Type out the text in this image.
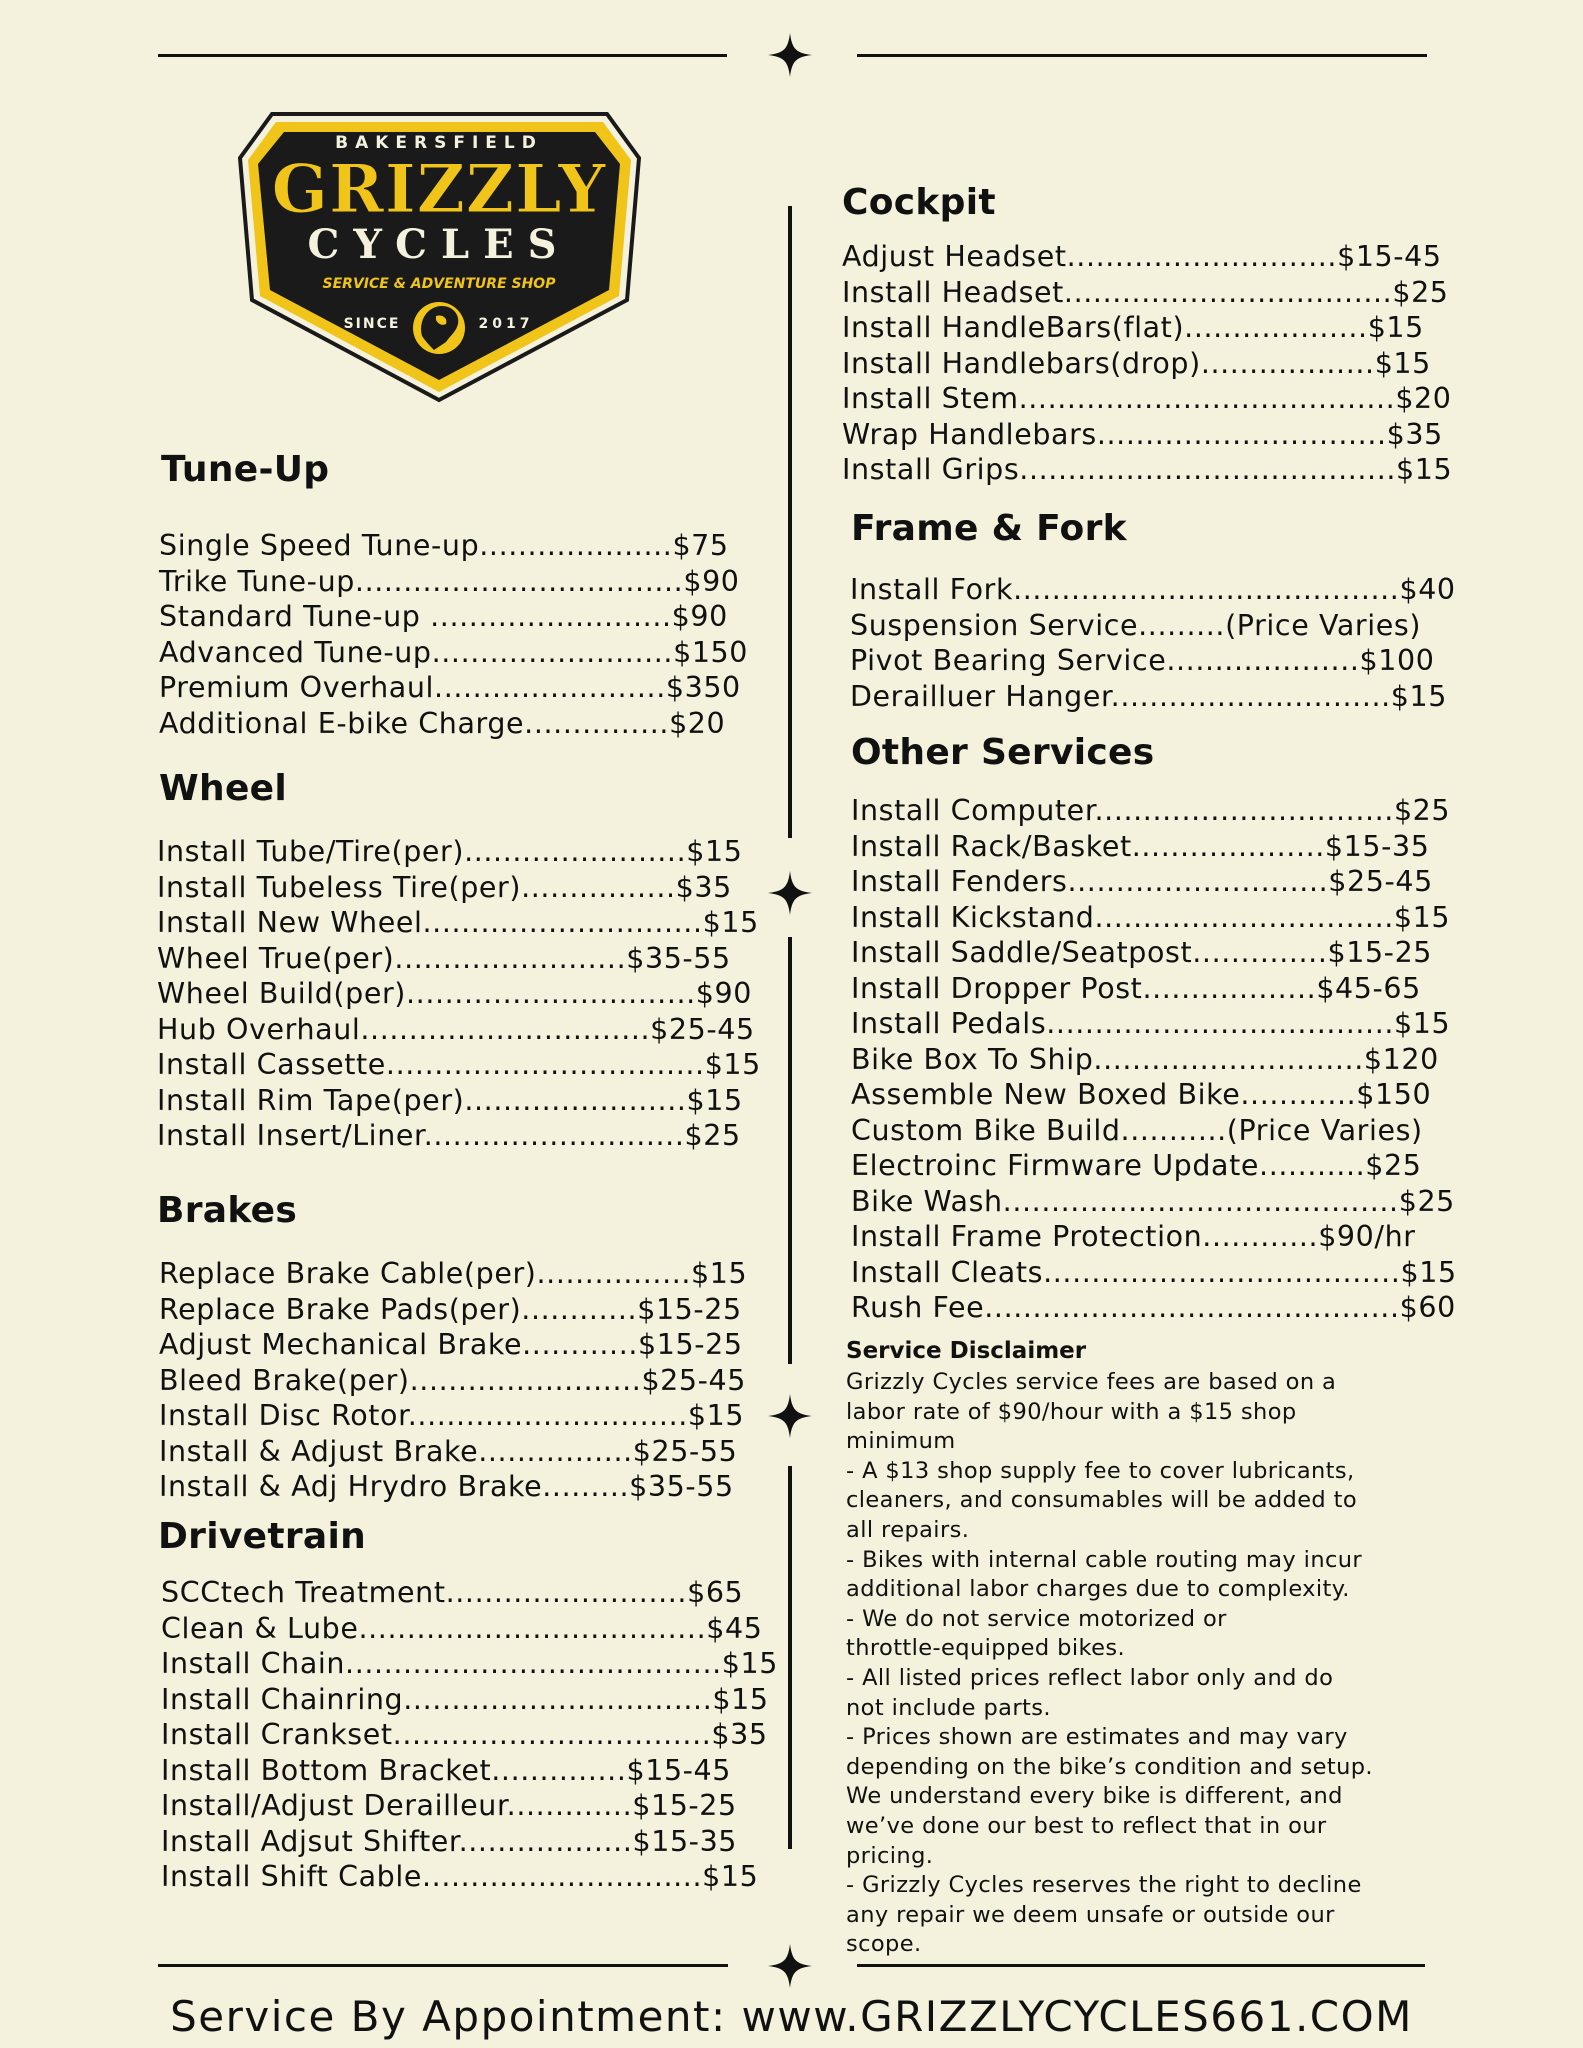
BAKERSFIELD
GRIZZLY
CYCLES
SERVICE & ADVENTURE SHOP
SINCE	2017
Tune-Up
Single Speed Tune-up....................$75
Trike Tune-up..................................$90
Standard Tune-up .........................$90
Advanced Tune-up.........................$150
Premium Overhaul........................$350
Additional E-bike Charge...............$20
Wheel
Install Tube/Tire(per).......................$15
Install Tubeless Tire(per)................$35
Install New Wheel.............................$15
Wheel True(per)........................$35-55
Wheel Build(per)..............................$90
Hub Overhaul..............................$25-45
Install Cassette.................................$15
Install Rim Tape(per).......................$15
Install Insert/Liner...........................$25
Brakes
Replace Brake Cable(per)................$15
Replace Brake Pads(per)............$15-25
Adjust Mechanical Brake............$15-25
Bleed Brake(per)........................$25-45
Install Disc Rotor.............................$15
Install & Adjust Brake................$25-55
Install & Adj Hrydro Brake.........$35-55
Drivetrain
SCCtech Treatment.........................$65
Clean & Lube....................................$45
Install Chain.......................................$15
Install Chainring................................$15
Install Crankset.................................$35
Install Bottom Bracket..............$15-45
Install/Adjust Derailleur.............$15-25
Install Adjsut Shifter..................$15-35
Install Shift Cable.............................$15
Cockpit
Adjust Headset............................$15-45
Install Headset..................................$25
Install HandleBars(flat)...................$15
Install Handlebars(drop)..................$15
Install Stem.......................................$20
Wrap Handlebars..............................$35
Install Grips.......................................$15
Frame & Fork
Install Fork........................................$40
Suspension Service.........(Price Varies)
Pivot Bearing Service....................$100
Derailluer Hanger.............................$15
Other Services
Install Computer...............................$25
Install Rack/Basket....................$15-35
Install Fenders...........................$25-45
Install Kickstand...............................$15
Install Saddle/Seatpost..............$15-25
Install Dropper Post..................$45-65
Install Pedals....................................$15
Bike Box To Ship............................$120
Assemble New Boxed Bike............$150
Custom Bike Build...........(Price Varies)
Electroinc Firmware Update...........$25
Bike Wash.........................................$25
Install Frame Protection............$90/hr
Install Cleats.....................................$15
Rush Fee...........................................$60
Service Disclaimer
Grizzly Cycles service fees are based on a
labor rate of $90/hour with a $15 shop
minimum
- A $13 shop supply fee to cover lubricants,
cleaners, and consumables will be added to
all repairs.
- Bikes with internal cable routing may incur
additional labor charges due to complexity.
- We do not service motorized or
throttle-equipped bikes.
- All listed prices reflect labor only and do
not include parts.
- Prices shown are estimates and may vary
depending on the bike’s condition and setup.
We understand every bike is different, and
we’ve done our best to reflect that in our
pricing.
- Grizzly Cycles reserves the right to decline
any repair we deem unsafe or outside our
scope.
Service By Appointment: www.GRIZZLYCYCLES661.COM
